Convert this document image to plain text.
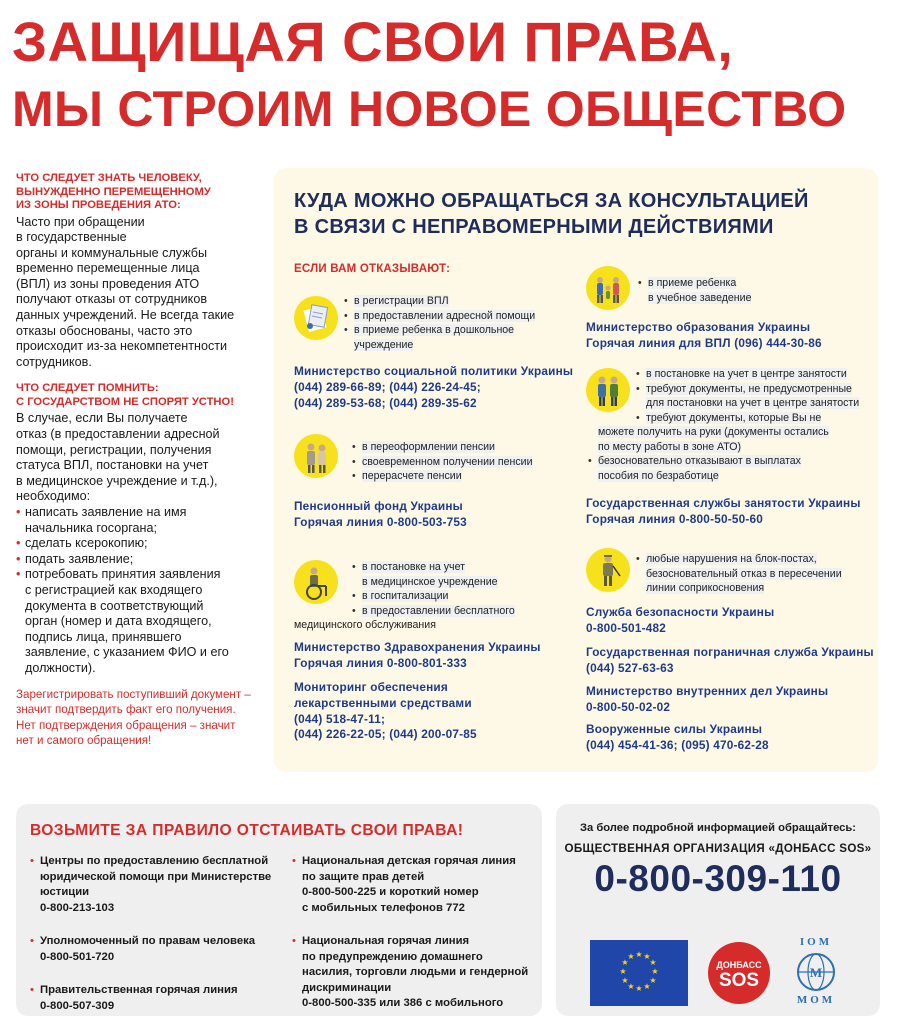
ЗАЩИЩАЯ СВОИ ПРАВА,
МЫ СТРОИМ НОВОЕ ОБЩЕСТВО
ЧТО СЛЕДУЕТ ЗНАТЬ ЧЕЛОВЕКУ,
ВЫНУЖДЕННО ПЕРЕМЕЩЕННОМУ
ИЗ ЗОНЫ ПРОВЕДЕНИЯ АТО:
Часто при обращении
в государственные
органы и коммунальные службы
временно перемещенные лица
(ВПЛ) из зоны проведения АТО
получают отказы от сотрудников
данных учреждений. Не всегда такие
отказы обоснованы, часто это
происходит из-за некомпетентности
сотрудников.
ЧТО СЛЕДУЕТ ПОМНИТЬ:
С ГОСУДАРСТВОМ НЕ СПОРЯТ УСТНО!
В случае, если Вы получаете
отказ (в предоставлении адресной
помощи, регистрации, получения
статуса ВПЛ, постановки на учет
в медицинское учреждение и т.д.),
необходимо:
• написать заявление на имя
начальника госоргана;
• сделать ксерокопию;
• подать заявление;
• потребовать принятия заявления
с регистрацией как входящего
документа в соответствующий
орган (номер и дата входящего,
подпись лица, принявшего
заявление, с указанием ФИО и его
должности).
Зарегистрировать поступивший документ –
значит подтвердить факт его получения.
Нет подтверждения обращения – значит
нет и самого обращения!
КУДА МОЖНО ОБРАЩАТЬСЯ ЗА КОНСУЛЬТАЦИЕЙ
В СВЯЗИ С НЕПРАВОМЕРНЫМИ ДЕЙСТВИЯМИ
ЕСЛИ ВАМ ОТКАЗЫВАЮТ:
• в регистрации ВПЛ
• в предоставлении адресной помощи
• в приеме ребенка в дошкольное
учреждение
Министерство социальной политики Украины
(044) 289-66-89; (044) 226-24-45;
(044) 289-53-68; (044) 289-35-62
• в переоформлении пенсии
• своевременном получении пенсии
• перерасчете пенсии
Пенсионный фонд Украины
Горячая линия 0-800-503-753
• в постановке на учет
в медицинское учреждение
• в госпитализации
• в предоставлении бесплатного
медицинского обслуживания
Министерство Здравохранения Украины
Горячая линия 0-800-801-333
Мониторинг обеспечения
лекарственными средствами
(044) 518-47-11;
(044) 226-22-05; (044) 200-07-85
• в приеме ребенка
в учебное заведение
Министерство образования Украины
Горячая линия для ВПЛ (096) 444-30-86
• в постановке на учет в центре занятости
• требуют документы, не предусмотренные
для постановки на учет в центре занятости
• требуют документы, которые Вы не
можете получить на руки (документы остались
по месту работы в зоне АТО)
• безосновательно отказывают в выплатах
пособия по безработице
Государственная службы занятости Украины
Горячая линия 0-800-50-50-60
• любые нарушения на блок-постах,
безосновательный отказ в пересечении
линии соприкосновения
Служба безопасности Украины
0-800-501-482
Государственная пограничная служба Украины
(044) 527-63-63
Министерство внутренних дел Украины
0-800-50-02-02
Вооруженные силы Украины
(044) 454-41-36; (095) 470-62-28
ВОЗЬМИТЕ ЗА ПРАВИЛО ОТСТАИВАТЬ СВОИ ПРАВА!
• Центры по предоставлению бесплатной
юридической помощи при Министерстве
юстиции
0-800-213-103
• Уполномоченный по правам человека
0-800-501-720
• Правительственная горячая линия
0-800-507-309
• Национальная детская горячая линия
по защите прав детей
0-800-500-225 и короткий номер
с мобильных телефонов 772
• Национальная горячая линия
по предупреждению домашнего
насилия, торговли людьми и гендерной
дискриминации
0-800-500-335 или 386 с мобильного
За более подробной информацией обращайтесь:
ОБЩЕСТВЕННАЯ ОРГАНИЗАЦИЯ «ДОНБАСС SOS»
0-800-309-110
★ ★
★
★
★
★
★
★
★
★
★
★
ДОНБАСС
SOS
IOM
M
МОМ
